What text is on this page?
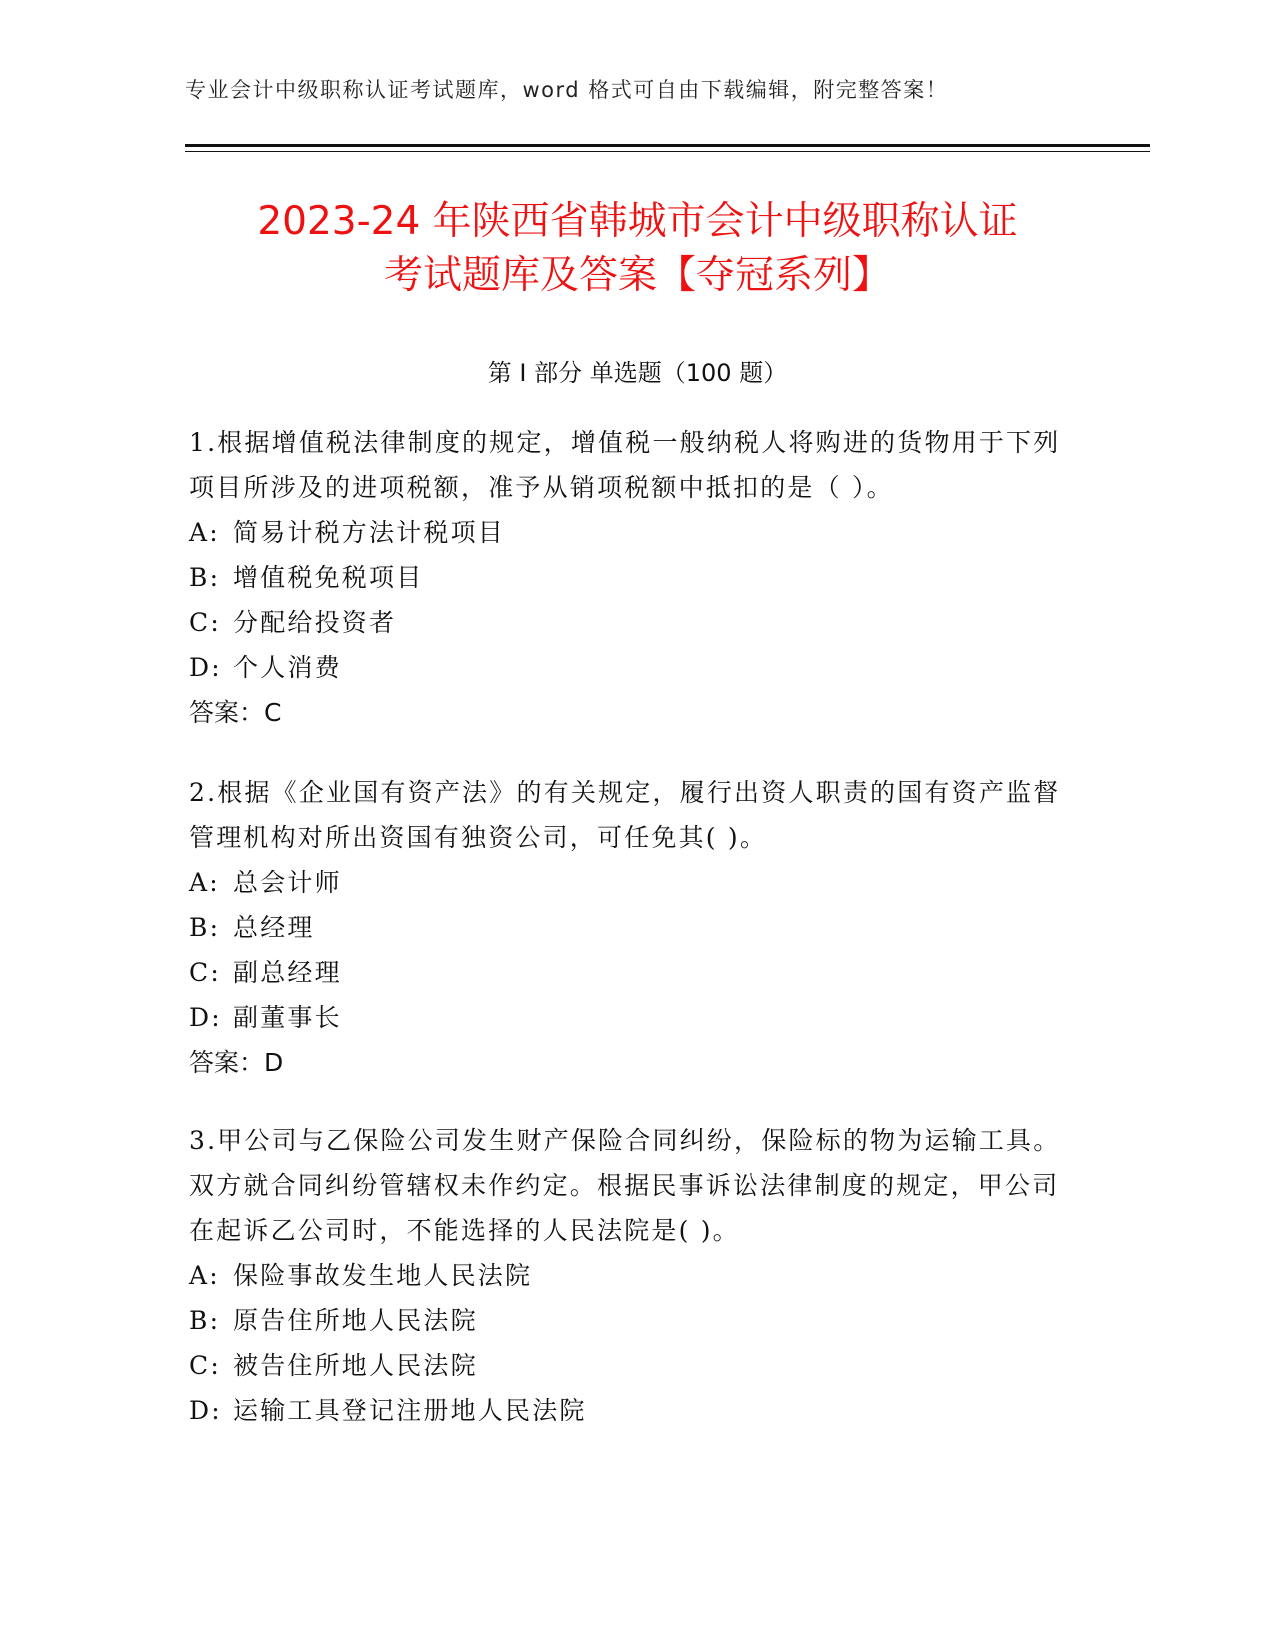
专业会计中级职称认证考试题库，word 格式可自由下载编辑，附完整答案！
2023-24 年陕西省韩城市会计中级职称认证
考试题库及答案【夺冠系列】
第 I 部分 单选题（100 题）

1.根据增值税法律制度的规定，增值税一般纳税人将购进的货物用于下列项目所涉及的进项税额，准予从销项税额中抵扣的是（ ）。

A: 简易计税方法计税项目

B: 增值税免税项目

C: 分配给投资者

D: 个人消费

答案：C

2.根据《企业国有资产法》的有关规定，履行出资人职责的国有资产监督管理机构对所出资国有独资公司，可任免其( )。

A: 总会计师

B: 总经理

C: 副总经理

D: 副董事长

答案：D

3.甲公司与乙保险公司发生财产保险合同纠纷，保险标的物为运输工具。双方就合同纠纷管辖权未作约定。根据民事诉讼法律制度的规定，甲公司在起诉乙公司时，不能选择的人民法院是( )。

A: 保险事故发生地人民法院

B: 原告住所地人民法院

C: 被告住所地人民法院

D: 运输工具登记注册地人民法院
